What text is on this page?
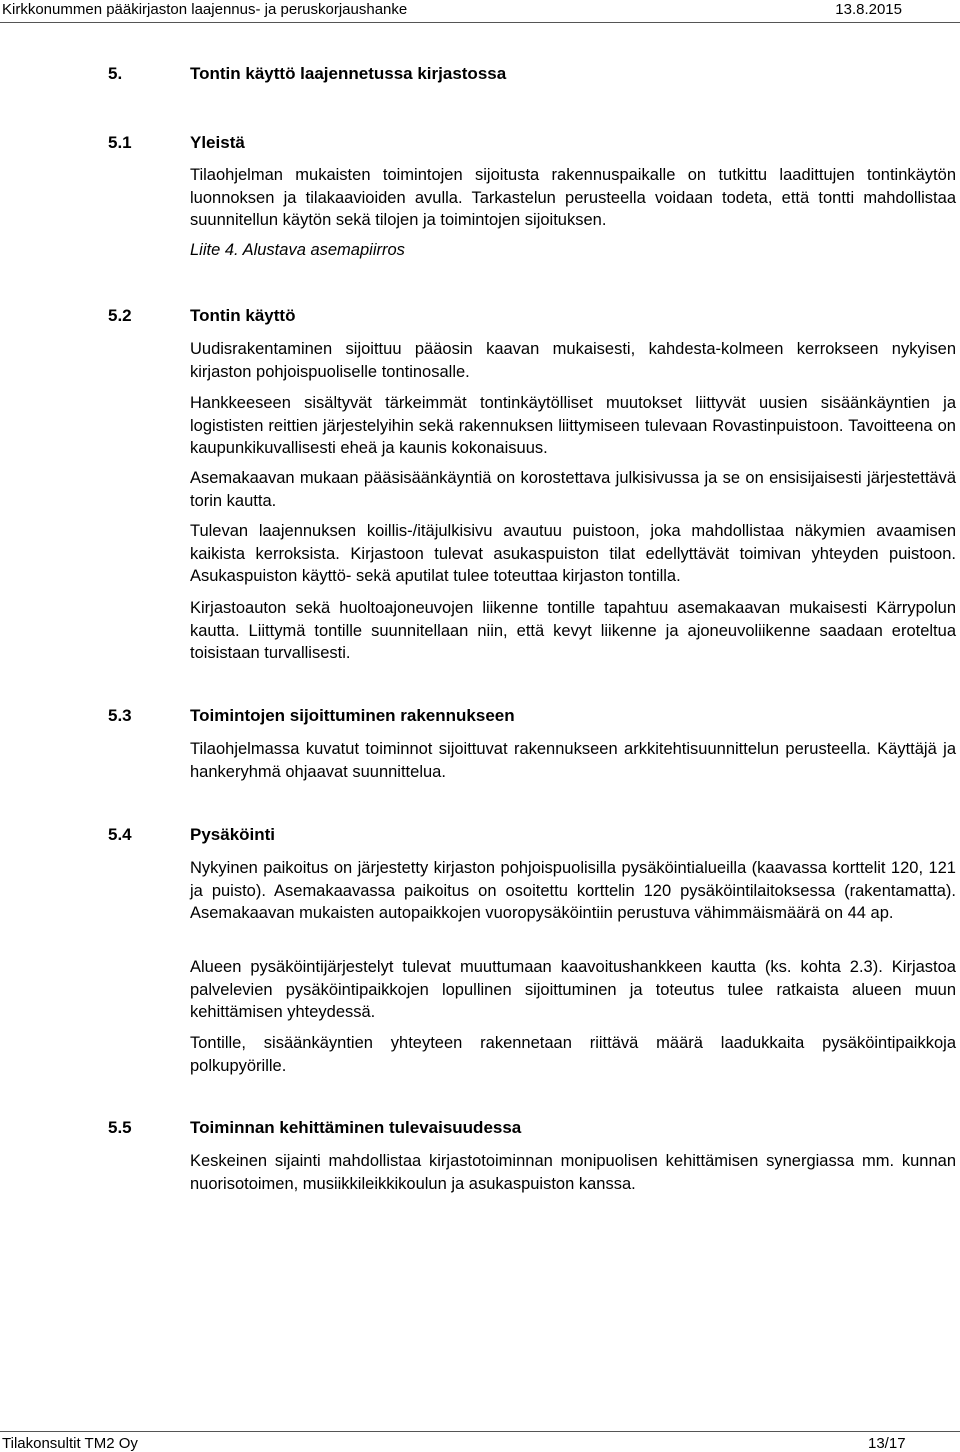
Kirkkonummen pääkirjaston laajennus- ja peruskorjaushanke	13.8.2015
5.	Tontin käyttö laajennetussa kirjastossa
5.1	Yleistä

Tilaohjelman mukaisten toimintojen sijoitusta rakennuspaikalle on tutkittu laadittujen tontinkäytön luonnoksen ja tilakaavioiden avulla. Tarkastelun perusteella voidaan todeta, että tontti mahdollistaa suunnitellun käytön sekä tilojen ja toimintojen sijoituksen.

Liite 4. Alustava asemapiirros
5.2	Tontin käyttö

Uudisrakentaminen sijoittuu pääosin kaavan mukaisesti, kahdesta-kolmeen kerrokseen nykyisen kirjaston pohjoispuoliselle tontinosalle.

Hankkeeseen sisältyvät tärkeimmät tontinkäytölliset muutokset liittyvät uusien sisäänkäyntien ja logististen reittien järjestelyihin sekä rakennuksen liittymiseen tulevaan Rovastinpuistoon. Tavoitteena on kaupunkikuvallisesti eheä ja kaunis kokonaisuus.

Asemakaavan mukaan pääsisäänkäyntiä on korostettava julkisivussa ja se on ensisijaisesti järjestettävä torin kautta.

Tulevan laajennuksen koillis-/itäjulkisivu avautuu puistoon, joka mahdollistaa näkymien avaamisen kaikista kerroksista. Kirjastoon tulevat asukaspuiston tilat edellyttävät toimivan yhteyden puistoon. Asukaspuiston käyttö- sekä aputilat tulee toteuttaa kirjaston tontilla.

Kirjastoauton sekä huoltoajoneuvojen liikenne tontille tapahtuu asemakaavan mukaisesti Kärrypolun kautta. Liittymä tontille suunnitellaan niin, että kevyt liikenne ja ajoneuvoliikenne saadaan eroteltua toisistaan turvallisesti.

5.3	Toimintojen sijoittuminen rakennukseen

Tilaohjelmassa kuvatut toiminnot sijoittuvat rakennukseen arkkitehtisuunnittelun perusteella. Käyttäjä ja hankeryhmä ohjaavat suunnittelua.

5.4	Pysäköinti

Nykyinen paikoitus on järjestetty kirjaston pohjoispuolisilla pysäköintialueilla (kaavassa korttelit 120, 121 ja puisto). Asemakaavassa paikoitus on osoitettu korttelin 120 pysäköintilaitoksessa (rakentamatta). Asemakaavan mukaisten autopaikkojen vuoropysäköintiin perustuva vähimmäismäärä on 44 ap.

Alueen pysäköintijärjestelyt tulevat muuttumaan kaavoitushankkeen kautta (ks. kohta 2.3). Kirjastoa palvelevien pysäköintipaikkojen lopullinen sijoittuminen ja toteutus tulee ratkaista alueen muun kehittämisen yhteydessä.

Tontille, sisäänkäyntien yhteyteen rakennetaan riittävä määrä laadukkaita pysäköintipaikkoja polkupyörille.

5.5	Toiminnan kehittäminen tulevaisuudessa

Keskeinen sijainti mahdollistaa kirjastotoiminnan monipuolisen kehittämisen synergiassa mm. kunnan nuorisotoimen, musiikkileikkikoulun ja asukaspuiston kanssa.

Tilakonsultit TM2 Oy	13/17
